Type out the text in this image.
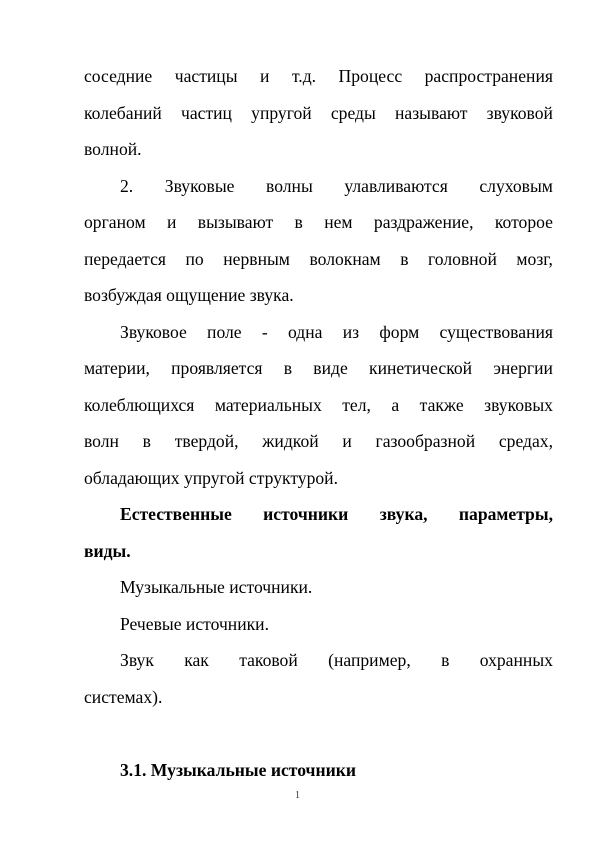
соседние частицы и т.д. Процесс распространения
колебаний частиц упругой среды называют звуковой
волной.
2. Звуковые волны улавливаются слуховым
органом и вызывают в нем раздражение, которое
передается по нервным волокнам в головной мозг,
возбуждая ощущение звука.
Звуковое поле - одна из форм существования
материи, проявляется в виде кинетической энергии
колеблющихся материальных тел, а также звуковых
волн в твердой, жидкой и газообразной средах,
обладающих упругой структурой.
Естественные источники звука, параметры,
виды.
Музыкальные источники.
Речевые источники.
Звук как таковой (например, в охранных
системах).
3.1. Музыкальные источники
1
